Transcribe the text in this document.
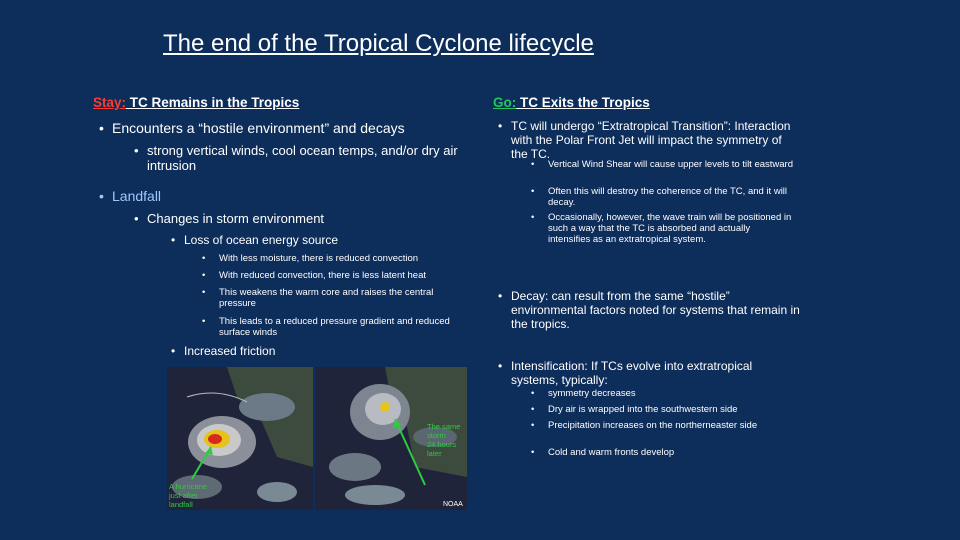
The end of the Tropical Cyclone lifecycle
Stay: TC Remains in the Tropics
• Encounters a “hostile environment” and decays
• strong vertical winds, cool ocean temps, and/or dry air intrusion
• Landfall
• Changes in storm environment
• Loss of ocean energy source
• With less moisture, there is reduced convection
• With reduced convection, there is less latent heat
• This weakens the warm core and raises the central pressure
• This leads to a reduced pressure gradient and reduced surface winds
• Increased friction
A hurricane just after landfall
The same storm 24 hours later
NOAA
Go: TC Exits the Tropics
• TC will undergo “Extratropical Transition”: Interaction with the Polar Front Jet will impact the symmetry of the TC.
• Vertical Wind Shear will cause upper levels to tilt eastward
• Often this will destroy the coherence of the TC, and it will decay.
• Occasionally, however, the wave train will be positioned in such a way that the TC is absorbed and actually intensifies as an extratropical system.
• Decay: can result from the same “hostile” environmental factors noted for systems that remain in the tropics.
• Intensification: If TCs evolve into extratropical systems, typically:
• symmetry decreases
• Dry air is wrapped into the southwestern side
• Precipitation increases on the northerneaster side
• Cold and warm fronts develop
